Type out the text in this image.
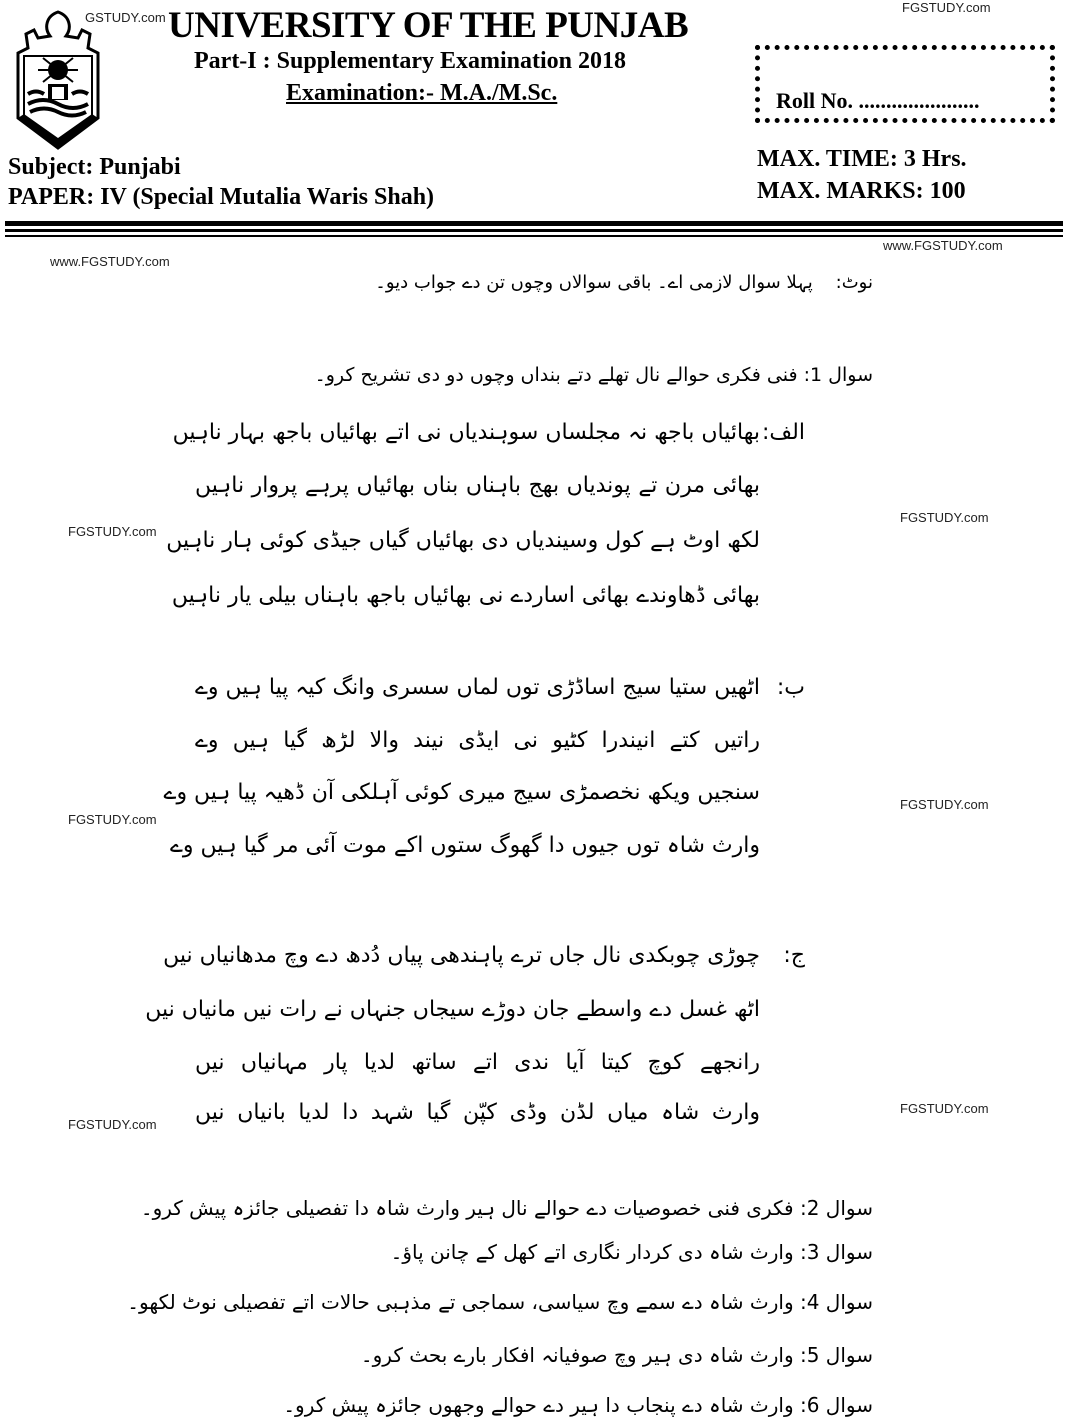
FGSTUDY.com
www.FGSTUDY.com
www.FGSTUDY.com
FGSTUDY.com
FGSTUDY.com
FGSTUDY.com
FGSTUDY.com
FGSTUDY.com
FGSTUDY.com
GSTUDY.com UNIVERSITY OF THE PUNJAB
Part-I : Supplementary Examination 2018
Examination:- M.A./M.Sc.	Roll No. ......................
Subject: Punjabi
PAPER: IV (Special Mutalia Waris Shah)
MAX. TIME: 3 Hrs.
MAX. MARKS: 100
نوٹ:    پہلا سوال لازمی اے۔ باقی سوالاں وچوں تن دے جواب دیو۔
سوال 1: فنی فکری حوالے نال تھلے دتے بنداں وچوں دو دی تشریح کرو۔
الف:
بھائیاں باجھ نہ مجلساں سوہندیاں نی اتے بھائیاں باجھ بہار ناہیں
بھائی مرن تے پوندیاں بھج باہناں بناں بھائیاں پرہے پروار ناہیں
لکھ اوٹ ہے کول وسیندیاں دی بھائیاں گیاں جیڈی کوئی ہار ناہیں
بھائی ڈھاوندے بھائی اساردے نی بھائیاں باجھ باہناں بیلی یار ناہیں
ب:
اٹھیں ستیا سیج اساڈڑی توں لماں سسری وانگ کیہ پیا ہیں وے
راتیں کتے انیندرا کٹیو نی ایڈی نیند والا لڑھ گیا ہیں وے
سنجیں ویکھ نخصمڑی سیج میری کوئی آہلکی آن ڈھیہ پیا ہیں وے
وارث شاہ توں جیوں دا گھوگ ستوں اکے موت آئی مر گیا ہیں وے
ج:
چوڑی چوبکدی نال جاں ترے پاہندھی پیاں دُدھ دے وچ مدھانیاں نیں
اٹھ غسل دے واسطے جان دوڑے سیجاں جنہاں نے رات نیں مانیاں نیں
رانجھے کوچ کیتا آیا ندی اتے ساتھ لدیا پار مہانیاں نیں
وارث شاہ میاں لڈن وڈی کپّن گیا شہد دا لدیا بانیاں نیں
سوال 2: فکری فنی خصوصیات دے حوالے نال ہیر وارث شاہ دا تفصیلی جائزہ پیش کرو۔
سوال 3: وارث شاہ دی کردار نگاری اتے کھل کے چانن پاؤ۔
سوال 4: وارث شاہ دے سمے وچ سیاسی، سماجی تے مذہبی حالات اتے تفصیلی نوٹ لکھو۔
سوال 5: وارث شاہ دی ہیر وچ صوفیانہ افکار بارے بحث کرو۔
سوال 6: وارث شاہ دے پنجاب دا ہیر دے حوالے وجھوں جائزہ پیش کرو۔
